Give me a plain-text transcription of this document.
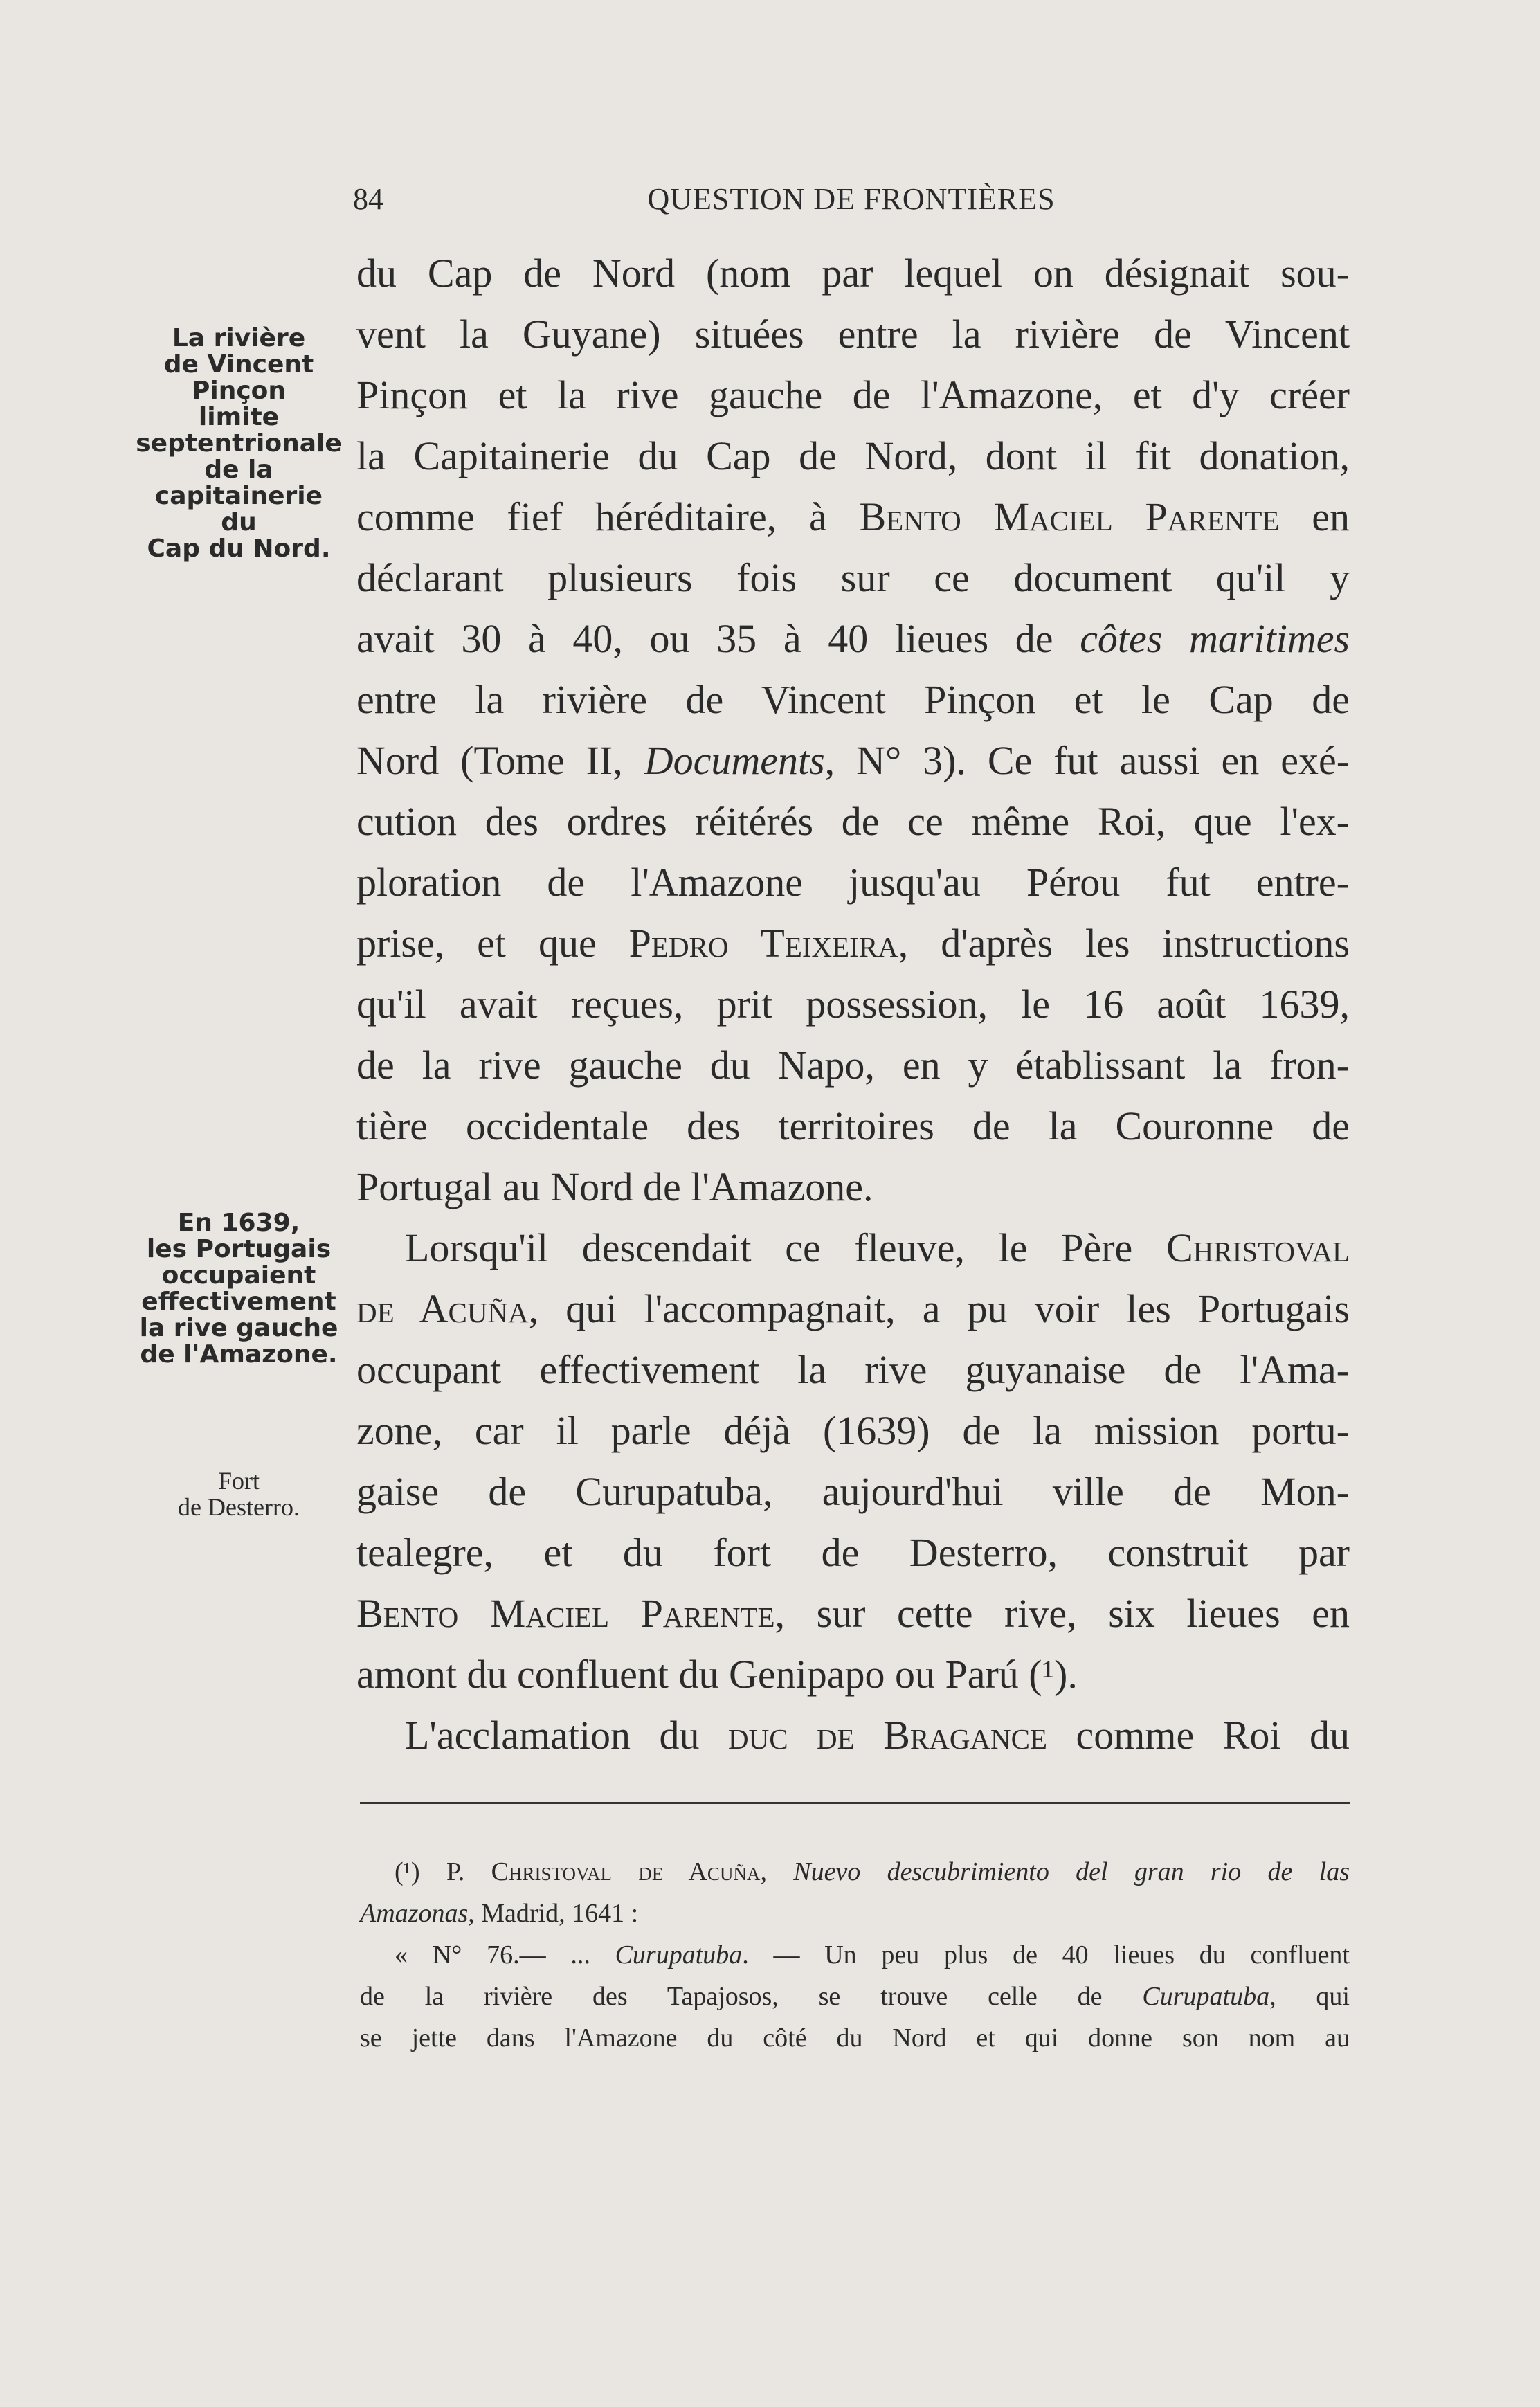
84	QUESTION DE FRONTIÈRES
La rivière
de Vincent
Pinçon
limite
septentrionale
de la
capitainerie
du
Cap du Nord.
En 1639,
les Portugais
occupaient
effectivement
la rive gauche
de l'Amazone.
Fort
de Desterro.
du Cap de Nord (nom par lequel on désignait sou-
vent la Guyane) situées entre la rivière de Vincent
Pinçon et la rive gauche de l'Amazone, et d'y créer
la Capitainerie du Cap de Nord, dont il fit donation,
comme fief héréditaire, à Bento Maciel Parente en
déclarant plusieurs fois sur ce document qu'il y
avait 30 à 40, ou 35 à 40 lieues de côtes maritimes
entre la rivière de Vincent Pinçon et le Cap de
Nord (Tome II, Documents, N° 3). Ce fut aussi en exé-
cution des ordres réitérés de ce même Roi, que l'ex-
ploration de l'Amazone jusqu'au Pérou fut entre-
prise, et que Pedro Teixeira, d'après les instructions
qu'il avait reçues, prit possession, le 16 août 1639,
de la rive gauche du Napo, en y établissant la fron-
tière occidentale des territoires de la Couronne de
Portugal au Nord de l'Amazone.
Lorsqu'il descendait ce fleuve, le Père Christoval
de Acuña, qui l'accompagnait, a pu voir les Portugais
occupant effectivement la rive guyanaise de l'Ama-
zone, car il parle déjà (1639) de la mission portu-
gaise de Curupatuba, aujourd'hui ville de Mon-
tealegre, et du fort de Desterro, construit par
Bento Maciel Parente, sur cette rive, six lieues en
amont du confluent du Genipapo ou Parú (¹).
L'acclamation du duc de Bragance comme Roi du
(¹) P. Christoval de Acuña, Nuevo descubrimiento del gran rio de las
Amazonas, Madrid, 1641 :
« N° 76.— ... Curupatuba. — Un peu plus de 40 lieues du confluent
de la rivière des Tapajosos, se trouve celle de Curupatuba, qui
se jette dans l'Amazone du côté du Nord et qui donne son nom au
